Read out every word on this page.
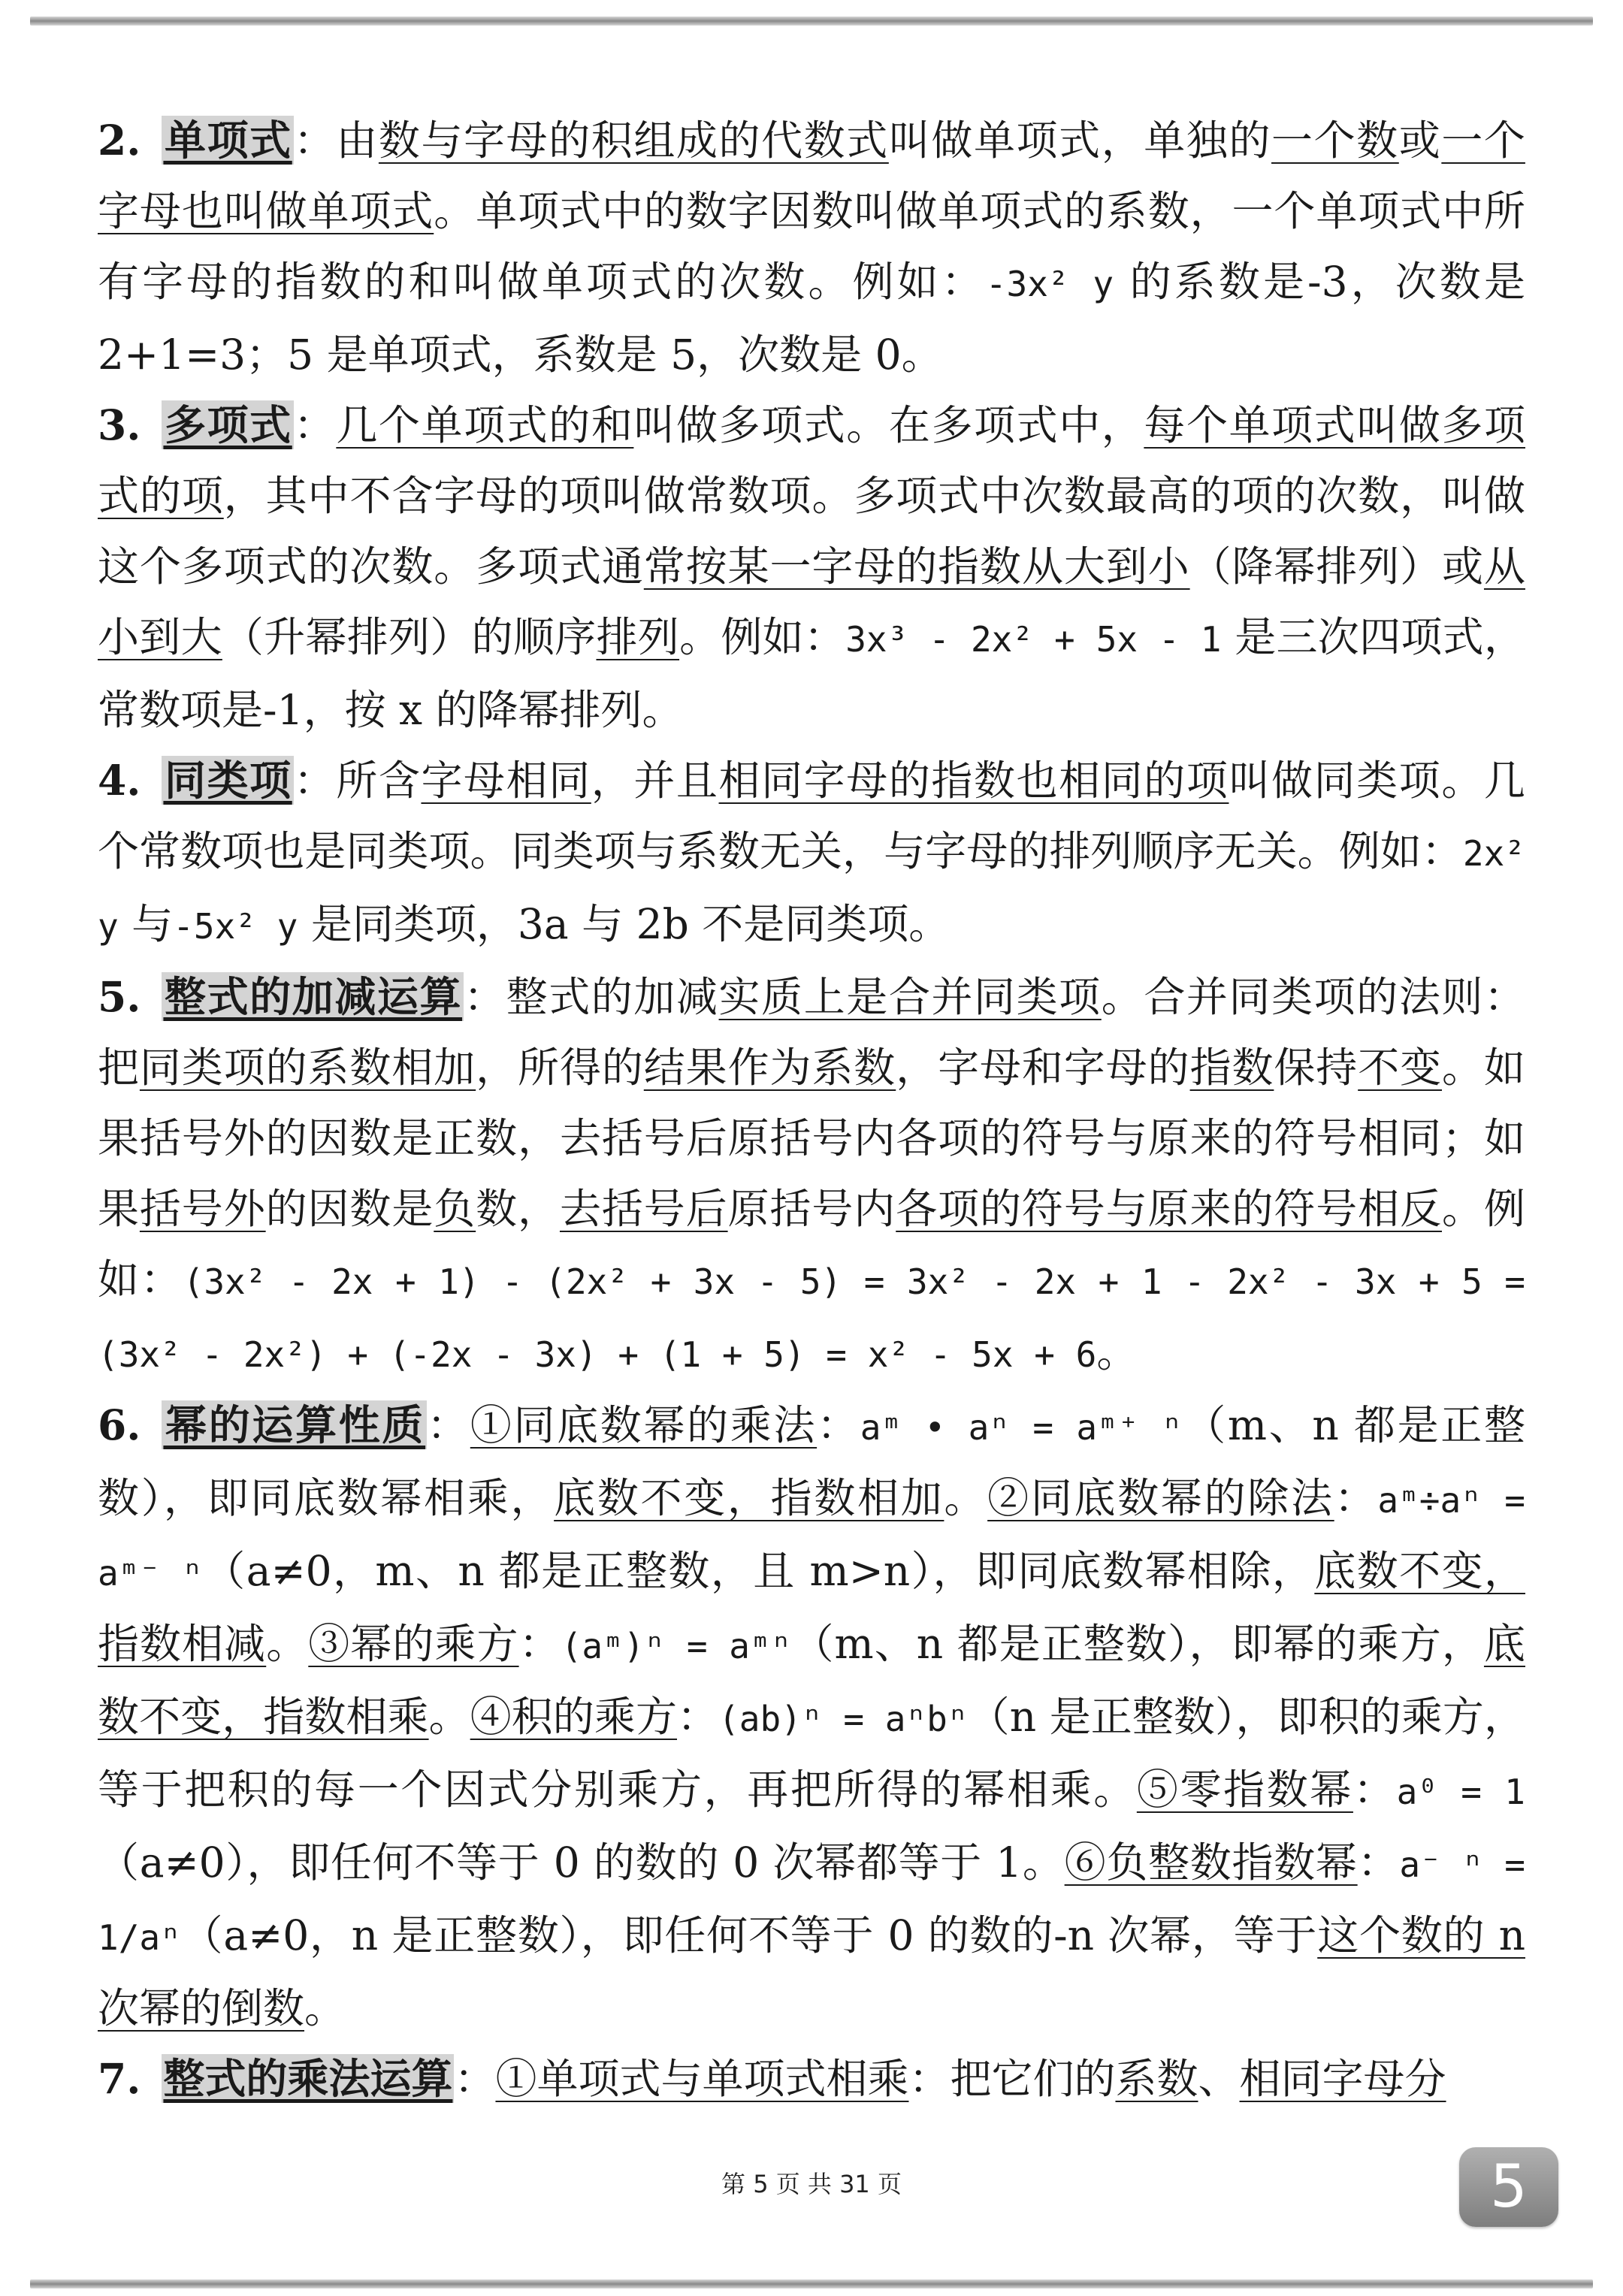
2. 单项式：由数与字母的积组成的代数式叫做单项式，单独的一个数或一个字母也叫做单项式。单项式中的数字因数叫做单项式的系数，一个单项式中所有字母的指数的和叫做单项式的次数。例如：-3x² y 的系数是-3，次数是 2+1=3；5 是单项式，系数是 5，次数是 0。

3. 多项式：几个单项式的和叫做多项式。在多项式中，每个单项式叫做多项式的项，其中不含字母的项叫做常数项。多项式中次数最高的项的次数，叫做这个多项式的次数。多项式通常按某一字母的指数从大到小（降幂排列）或从小到大（升幂排列）的顺序排列。例如：3x³ - 2x² + 5x - 1 是三次四项式，常数项是-1，按 x 的降幂排列。

4. 同类项：所含字母相同，并且相同字母的指数也相同的项叫做同类项。几个常数项也是同类项。同类项与系数无关，与字母的排列顺序无关。例如：2x² y 与-5x² y 是同类项，3a 与 2b 不是同类项。

5. 整式的加减运算：整式的加减实质上是合并同类项。合并同类项的法则：把同类项的系数相加，所得的结果作为系数，字母和字母的指数保持不变。如果括号外的因数是正数，去括号后原括号内各项的符号与原来的符号相同；如果括号外的因数是负数，去括号后原括号内各项的符号与原来的符号相反。例如：(3x² - 2x + 1) - (2x² + 3x - 5) = 3x² - 2x + 1 - 2x² - 3x + 5 = (3x² - 2x²) + (-2x - 3x) + (1 + 5) = x² - 5x + 6。

6. 幂的运算性质：①同底数幂的乘法：aᵐ • aⁿ = aᵐ⁺ ⁿ（m、n 都是正整数），即同底数幂相乘，底数不变，指数相加。②同底数幂的除法：aᵐ÷aⁿ = aᵐ⁻ ⁿ（a≠0，m、n 都是正整数，且 m>n），即同底数幂相除，底数不变，指数相减。③幂的乘方：(aᵐ)ⁿ = aᵐⁿ（m、n 都是正整数），即幂的乘方，底数不变，指数相乘。④积的乘方：(ab)ⁿ = aⁿbⁿ（n 是正整数），即积的乘方，等于把积的每一个因式分别乘方，再把所得的幂相乘。⑤零指数幂：a⁰ = 1（a≠0），即任何不等于 0 的数的 0 次幂都等于 1。⑥负整数指数幂：a⁻ ⁿ = 1/aⁿ（a≠0，n 是正整数），即任何不等于 0 的数的-n 次幂，等于这个数的 n 次幂的倒数。

7. 整式的乘法运算：①单项式与单项式相乘：把它们的系数、相同字母分

第 5 页 共 31 页	5
